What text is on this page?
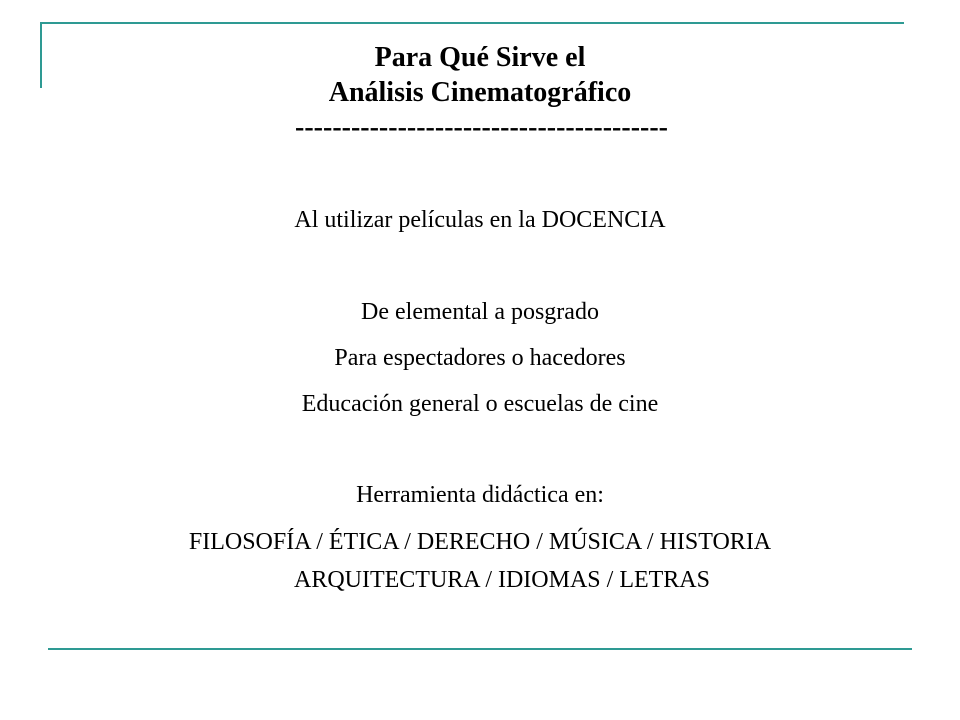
Para Qué Sirve el
Análisis Cinematográfico
----------------------------------------
Al utilizar películas en la DOCENCIA
De elemental a posgrado
Para espectadores o hacedores
Educación general o escuelas de cine
Herramienta didáctica en:
FILOSOFÍA / ÉTICA / DERECHO / MÚSICA / HISTORIA
ARQUITECTURA / IDIOMAS / LETRAS
